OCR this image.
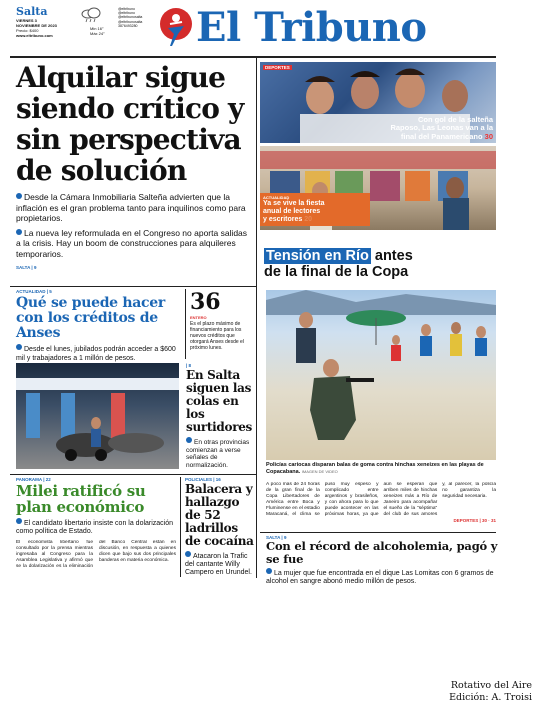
Salta
VIERNES 3
NOVIEMBRE DE 2023
Precio: $400
www.eltribuno.com
Min 16°
Máx 24°
@eltribuno
@eltribuno
@eltribunosalta
@eltribunosalta
3876493280	El Tribuno
Alquilar sigue siendo crítico y sin perspectiva de solución
Desde la Cámara Inmobiliaria Salteña advierten que la inflación es el gran problema tanto para inquilinos como para propietarios.
La nueva ley reformulada en el Congreso no aporta salidas a la crisis. Hay un boom de construcciones para alquileres temporarios.
SALTA | 9
DEPORTES
Con gol de la salteña
Raposo, Las Leonas van a la
final del Panamericano 30
ACTUALIDAD
Ya se vive la fiesta
anual de lectores
y escritores 20
ACTUALIDAD | 5
Qué se puede hacer con los créditos de Anses
Desde el lunes, jubilados podrán acceder a $600 mil y trabajadores a 1 millón de pesos.
36
ENTERO
Es el plazo máximo de financiamiento para los nuevos créditos que otorgará Anses desde el próximo lunes.
| 8
En Salta siguen las colas en los surtidores
En otras provincias comienzan a verse señales de normalización.
PANORAMA | 22
Milei ratificó su plan económico
El candidato libertario insiste con la dolarización como política de Estado.
El economista libertario fue consultado por la prensa mientras ingresaba al Congreso para la Asamblea Legislativa y afirmó que se la dolarización es la eliminación del Banco Central están en discusión, en respuesta a quienes dicen que bajo sus dos principales banderas en materia económica.
POLICIALES | 16
Balacera y hallazgo de 52 ladrillos de cocaína
Atacaron la Trafic del cantante Willy Campero en Urundel.
Tensión en Río antes
de la final de la Copa
Policías cariocas disparan balas de goma contra hinchas xeneizes en las playas de Copacabana. IMAGEN DE VIDEO
A poco más de 24 horas de la gran final de la Copa Libertadores de América entre Boca y Fluminense en el estadio Maracaná, el clima se puso muy espeso y complicado entre argentinos y brasileños, y con ahora para lo que puede acontecer en las próximas horas, ya que aún se esperan que arriben miles de hinchas xeneizes más a Río de Janeiro para acompañar el sueño de la "séptima" del club de sus amores y, al parecer, la policía no garantiza la seguridad necesaria.
DEPORTES | 30 · 31
SALTA | 9
Con el récord de alcoholemia, pagó y se fue
La mujer que fue encontrada en el dique Las Lomitas con 6 gramos de alcohol en sangre abonó medio millón de pesos.
Rotativo del Aire
Edición: A. Troisi
